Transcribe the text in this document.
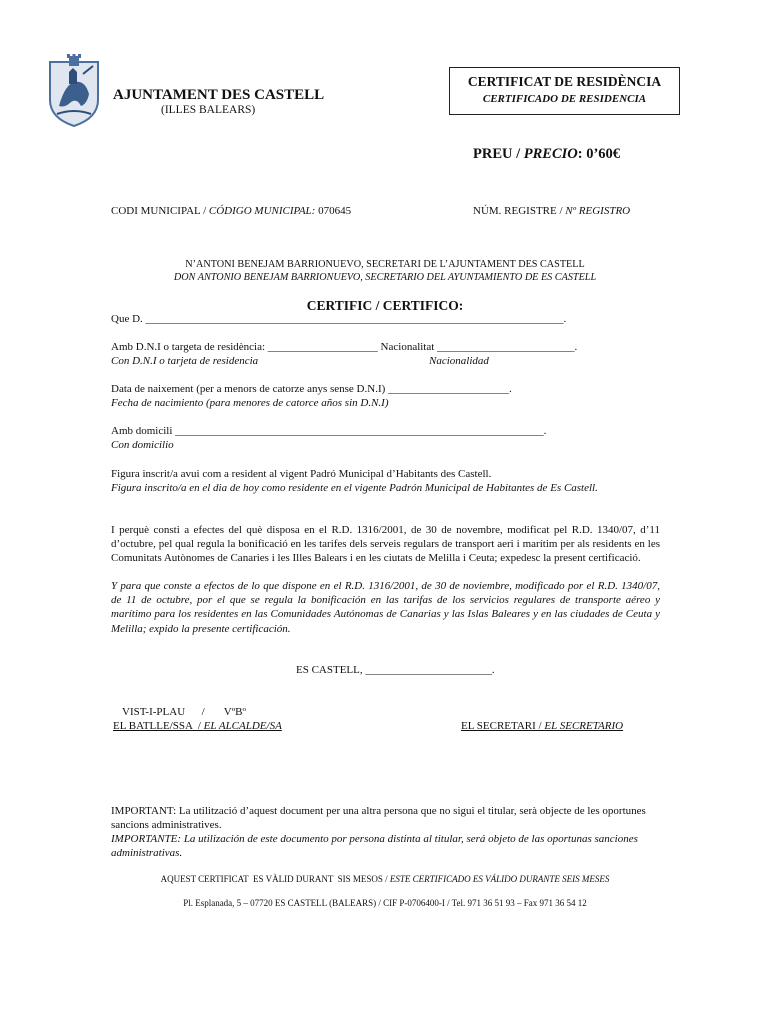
AJUNTAMENT DES CASTELL
(ILLES BALEARS)
CERTIFICAT DE RESIDÈNCIA
CERTIFICADO DE RESIDENCIA
PREU / PRECIO: 0’60€
CODI MUNICIPAL / CÓDIGO MUNICIPAL: 070645	NÚM. REGISTRE / Nº REGISTRO
N’ANTONI BENEJAM BARRIONUEVO, SECRETARI DE L’AJUNTAMENT DES CASTELL
DON ANTONIO BENEJAM BARRIONUEVO, SECRETARIO DEL AYUNTAMIENTO DE ES CASTELL
CERTIFIC / CERTIFICO:
Que D. ____________________________________________________________________________.
Amb D.N.I o targeta de residència: ____________________ Nacionalitat _________________________.
Con D.N.I o tarjeta de residencia	Nacionalidad
Data de naixement (per a menors de catorze anys sense D.N.I) ______________________.
Fecha de nacimiento (para menores de catorce años sin D.N.I)
Amb domicili ___________________________________________________________________.
Con domicilio
Figura inscrit/a avui com a resident al vigent Padró Municipal d’Habitants des Castell.
Figura inscrito/a en el dia de hoy como residente en el vigente Padrón Municipal de Habitantes de Es Castell.
I perquè consti a efectes del què disposa en el R.D. 1316/2001, de 30 de novembre, modificat pel R.D. 1340/07, d’11 d’octubre, pel qual regula la bonificació en les tarifes dels serveis regulars de transport aeri i marítim per als residents en les Comunitats Autònomes de Canaries i les Illes Balears i en les ciutats de Melilla i Ceuta; expedesc la present certificació.
Y para que conste a efectos de lo que dispone en el R.D. 1316/2001, de 30 de noviembre, modificado por el R.D. 1340/07, de 11 de octubre, por el que se regula la bonificación en las tarifas de los servicios regulares de transporte aéreo y marítimo para los residentes en las Comunidades Autónomas de Canarias y las Islas Baleares y en las ciudades de Ceuta y Melilla; expido la presente certificación.
ES CASTELL, _______________________.
VIST-I-PLAU      /       VºBº
EL BATLLE/SSA  / EL ALCALDE/SA	EL SECRETARI / EL SECRETARIO
IMPORTANT: La utilització d’aquest document per una altra persona que no sigui el titular, serà objecte de les oportunes sancions administratives.
IMPORTANTE: La utilización de este documento por persona distinta al titular, será objeto de las oportunas sanciones administrativas.
AQUEST CERTIFICAT  ES VÀLID DURANT  SIS MESOS / ESTE CERTIFICADO ES VÁLIDO DURANTE SEIS MESES
Pl. Esplanada, 5 – 07720 ES CASTELL (BALEARS) / CIF P-0706400-I / Tel. 971 36 51 93 – Fax 971 36 54 12
